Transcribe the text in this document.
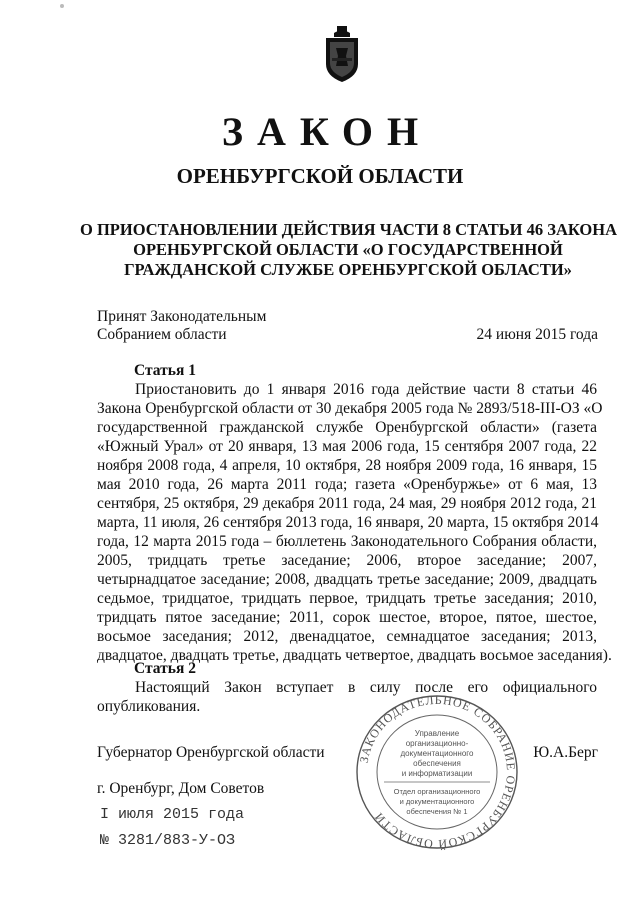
ЗАКОН
ОРЕНБУРГСКОЙ ОБЛАСТИ
О ПРИОСТАНОВЛЕНИИ ДЕЙСТВИЯ ЧАСТИ 8 СТАТЬИ 46 ЗАКОНА
ОРЕНБУРГСКОЙ ОБЛАСТИ «О ГОСУДАРСТВЕННОЙ
ГРАЖДАНСКОЙ СЛУЖБЕ ОРЕНБУРГСКОЙ ОБЛАСТИ»
Принят Законодательным
Собранием области	24 июня 2015 года
Статья 1
Приостановить до 1 января 2016 года действие части 8 статьи 46
Закона Оренбургской области от 30 декабря 2005 года № 2893/518-III-ОЗ «О
государственной гражданской службе Оренбургской области» (газета
«Южный Урал» от 20 января, 13 мая 2006 года, 15 сентября 2007 года, 22
ноября 2008 года, 4 апреля, 10 октября, 28 ноября 2009 года, 16 января, 15
мая 2010 года, 26 марта 2011 года; газета «Оренбуржье» от 6 мая, 13
сентября, 25 октября, 29 декабря 2011 года, 24 мая, 29 ноября 2012 года, 21
марта, 11 июля, 26 сентября 2013 года, 16 января, 20 марта, 15 октября 2014
года, 12 марта 2015 года – бюллетень Законодательного Собрания области,
2005, тридцать третье заседание; 2006, второе заседание; 2007,
четырнадцатое заседание; 2008, двадцать третье заседание; 2009, двадцать
седьмое, тридцатое, тридцать первое, тридцать третье заседания; 2010,
тридцать пятое заседание; 2011, сорок шестое, второе, пятое, шестое,
восьмое заседания; 2012, двенадцатое, семнадцатое заседания; 2013,
двадцатое, двадцать третье, двадцать четвертое, двадцать восьмое заседания).
Статья 2
Настоящий Закон вступает в силу после его официального
опубликования.
Губернатор Оренбургской области	Ю.А.Берг
г. Оренбург, Дом Советов
I июля 2015 года
№ 3281/883-У-ОЗ
ЗАКОНОДАТЕЛЬНОЕ СОБРАНИЕ ОРЕНБУРГСКОЙ ОБЛАСТИ
Управление
организационно-
документационного
обеспечения
и информатизации
Отдел организационного
и документационного
обеспечения № 1
